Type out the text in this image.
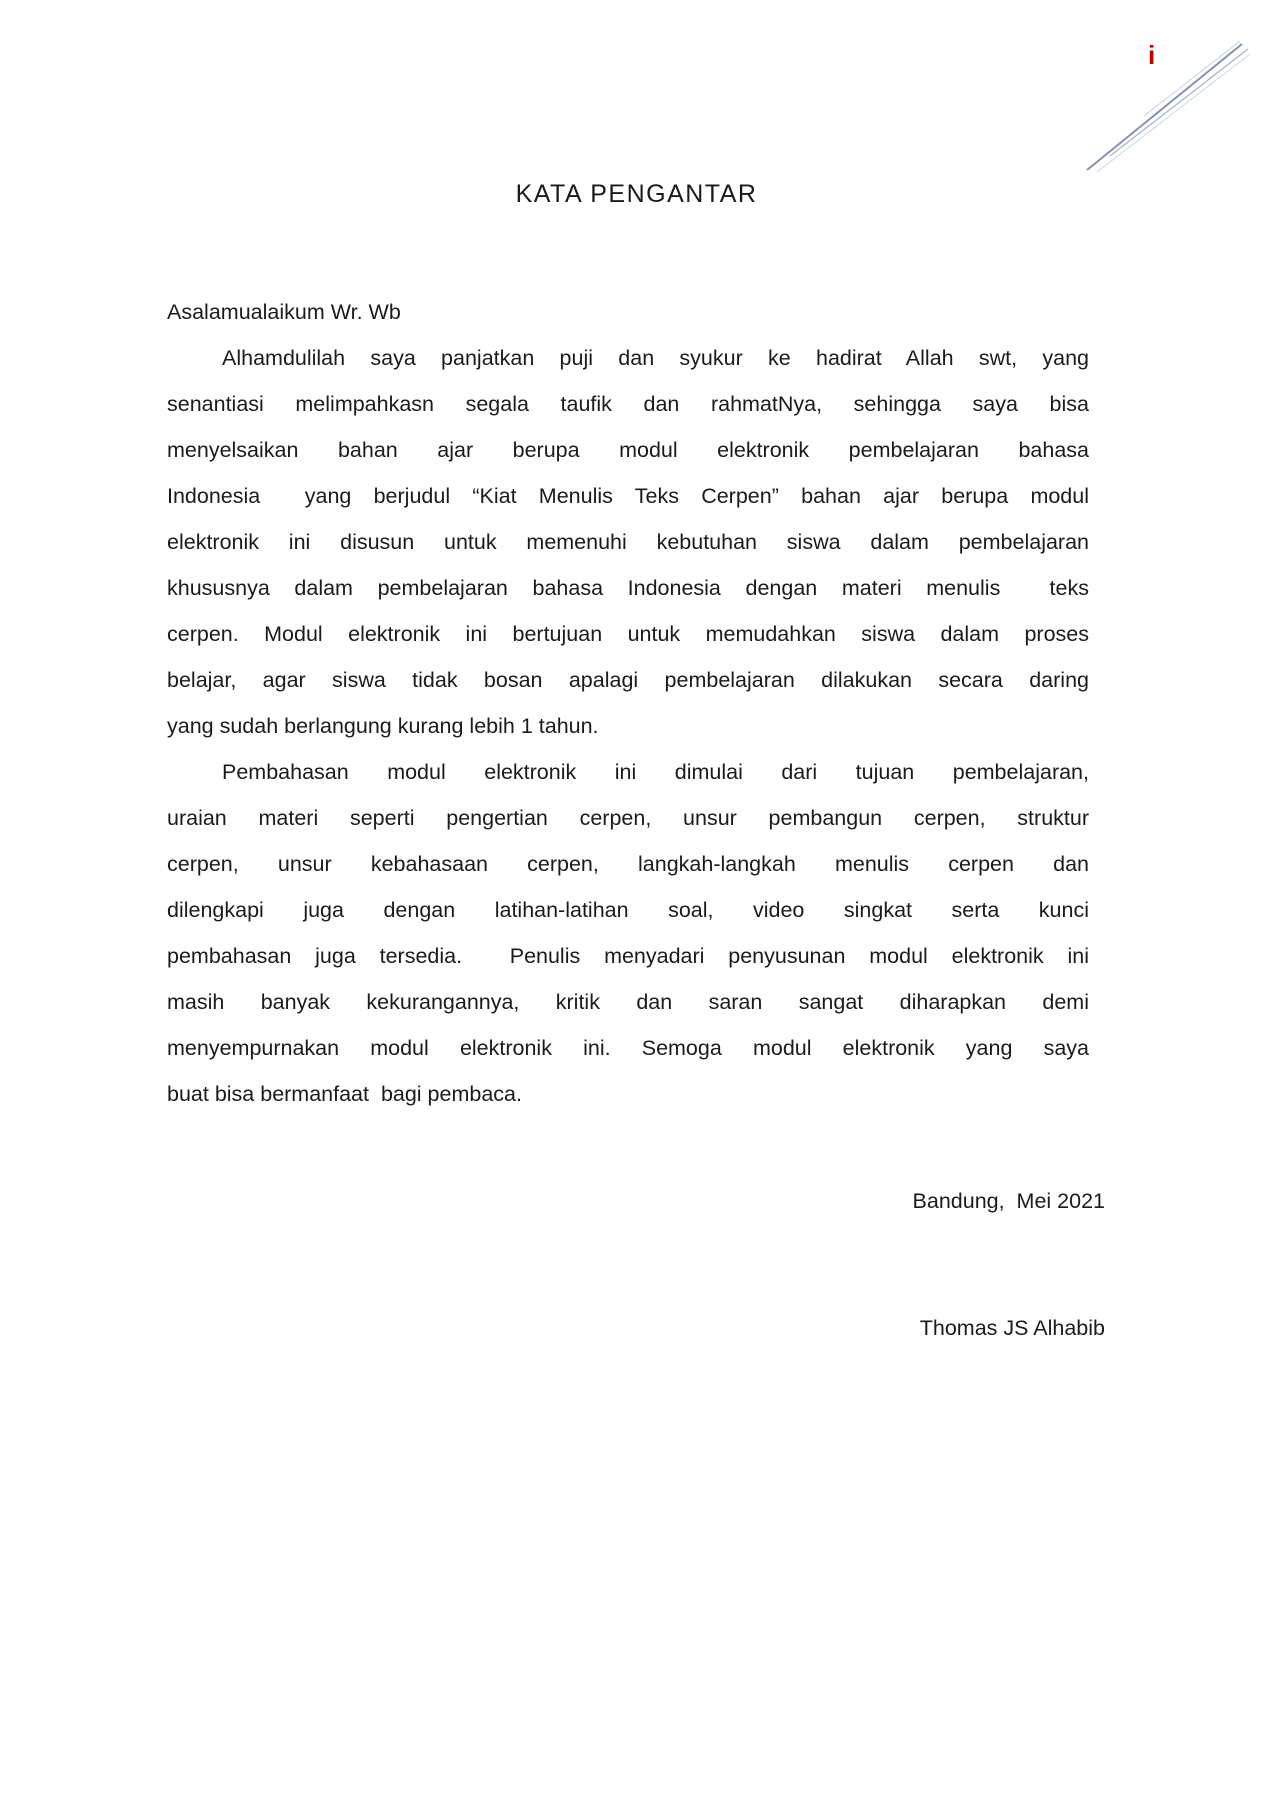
i
KATA PENGANTAR
Asalamualaikum Wr. Wb
Alhamdulilah saya panjatkan puji dan syukur ke hadirat Allah swt, yang
senantiasi melimpahkasn segala taufik dan rahmatNya, sehingga saya bisa
menyelsaikan bahan ajar berupa modul elektronik pembelajaran bahasa
Indonesia  yang berjudul “Kiat Menulis Teks Cerpen” bahan ajar berupa modul
elektronik ini disusun untuk memenuhi kebutuhan siswa dalam pembelajaran
khususnya dalam pembelajaran bahasa Indonesia dengan materi menulis  teks
cerpen. Modul elektronik ini bertujuan untuk memudahkan siswa dalam proses
belajar, agar siswa tidak bosan apalagi pembelajaran dilakukan secara daring
yang sudah berlangung kurang lebih 1 tahun.
Pembahasan modul elektronik ini dimulai dari tujuan pembelajaran,
uraian materi seperti pengertian cerpen, unsur pembangun cerpen, struktur
cerpen, unsur kebahasaan cerpen, langkah-langkah menulis cerpen dan
dilengkapi juga dengan latihan-latihan soal, video singkat serta kunci
pembahasan juga tersedia.  Penulis menyadari penyusunan modul elektronik ini
masih banyak kekurangannya, kritik dan saran sangat diharapkan demi
menyempurnakan modul elektronik ini. Semoga modul elektronik yang saya
buat bisa bermanfaat  bagi pembaca.
Bandung,  Mei 2021
Thomas JS Alhabib
